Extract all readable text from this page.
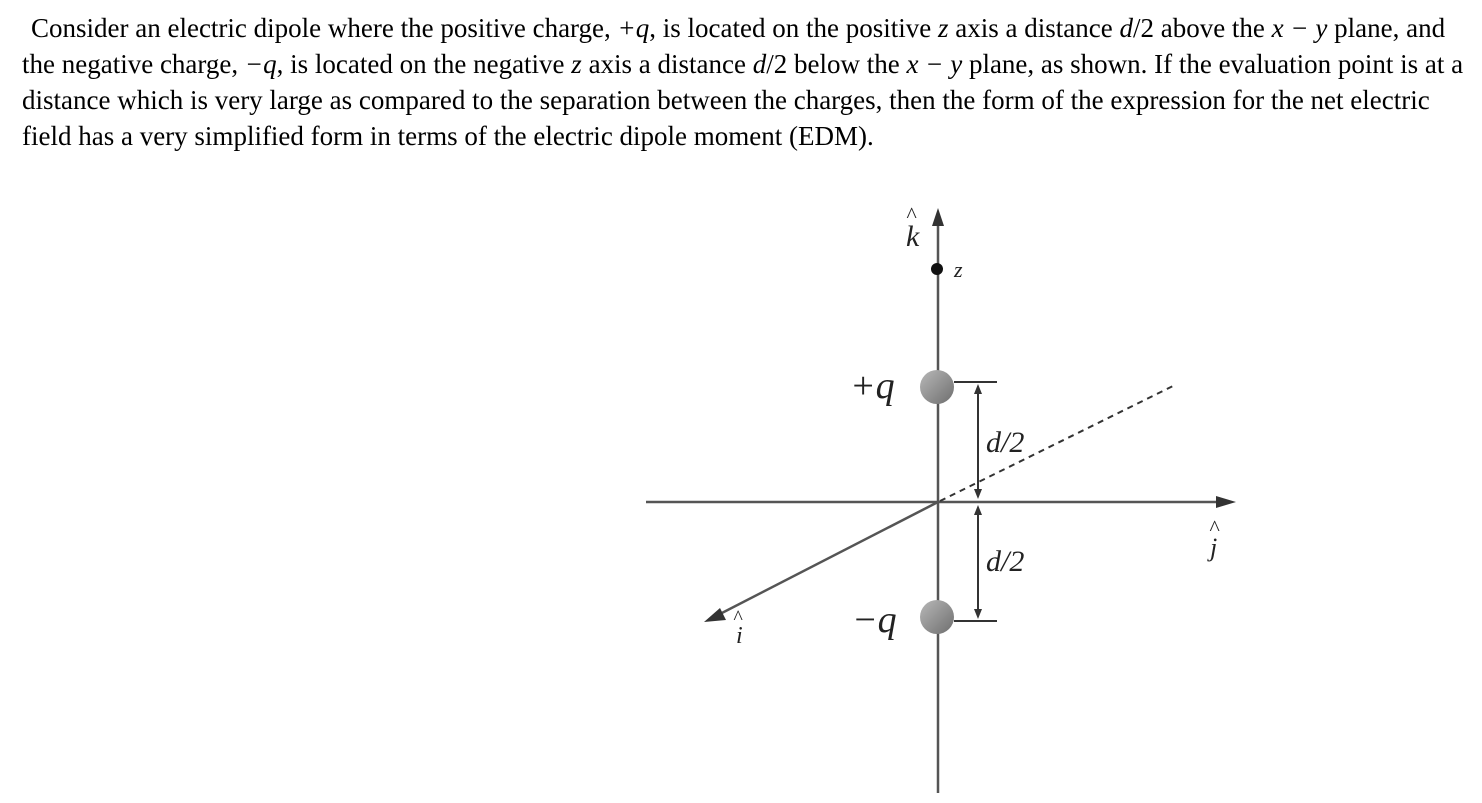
Consider an electric dipole where the positive charge, +q, is located on the positive z axis a distance d/2 above the x − y plane, and the negative charge, −q, is located on the negative z axis a distance d/2 below the x − y plane, as shown. If the evaluation point is at a distance which is very large as compared to the separation between the charges, then the form of the expression for the net electric field has a very simplified form in terms of the electric dipole moment (EDM).

k
^
z
j
^
i
^
+q
−q
d/2
d/2
